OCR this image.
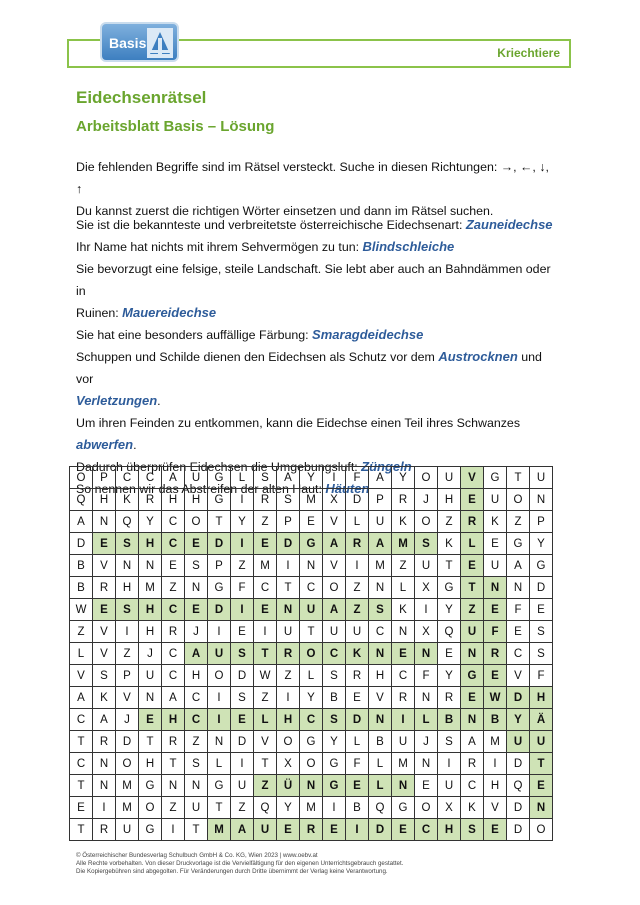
Basis
Kriechtiere
Eidechsenrätsel
Arbeitsblatt Basis – Lösung
Die fehlenden Begriffe sind im Rätsel versteckt. Suche in diesen Richtungen: →, ←, ↓, ↑
Du kannst zuerst die richtigen Wörter einsetzen und dann im Rätsel suchen.
Sie ist die bekannteste und verbreitetste österreichische Eidechsenart: Zauneidechse
Ihr Name hat nichts mit ihrem Sehvermögen zu tun: Blindschleiche
Sie bevorzugt eine felsige, steile Landschaft. Sie lebt aber auch an Bahndämmen oder in
Ruinen: Mauereidechse
Sie hat eine besonders auffällige Färbung: Smaragdeidechse
Schuppen und Schilde dienen den Eidechsen als Schutz vor dem Austrocknen und vor
Verletzungen.
Um ihren Feinden zu entkommen, kann die Eidechse einen Teil ihres Schwanzes
abwerfen.
Dadurch überprüfen Eidechsen die Umgebungsluft: Züngeln
So nennen wir das Abstreifen der alten Haut: Häuten
O	P	C	C	A	U	G	L	S	A	Y	I	F	A	Y	O	U	V	G	T	U
Q	H	K	R	H	H	G	I	R	S	M	X	D	P	R	J	H	E	U	O	N
A	N	Q	Y	C	O	T	Y	Z	P	E	V	L	U	K	O	Z	R	K	Z	P
D	E	S	H	C	E	D	I	E	D	G	A	R	A	M	S	K	L	E	G	Y
B	V	N	N	E	S	P	Z	M	I	N	V	I	M	Z	U	T	E	U	A	G
B	R	H	M	Z	N	G	F	C	T	C	O	Z	N	L	X	G	T	N	N	D
W	E	S	H	C	E	D	I	E	N	U	A	Z	S	K	I	Y	Z	E	F	E
Z	V	I	H	R	J	I	E	I	U	T	U	U	C	N	X	Q	U	F	E	S
L	V	Z	J	C	A	U	S	T	R	O	C	K	N	E	N	E	N	R	C	S
V	S	P	U	C	H	O	D	W	Z	L	S	R	H	C	F	Y	G	E	V	F
A	K	V	N	A	C	I	S	Z	I	Y	B	E	V	R	N	R	E	W	D	H
C	A	J	E	H	C	I	E	L	H	C	S	D	N	I	L	B	N	B	Y	Ä
T	R	D	T	R	Z	N	D	V	O	G	Y	L	B	U	J	S	A	M	U	U
C	N	O	H	T	S	L	I	T	X	O	G	F	L	M	N	I	R	I	D	T
T	N	M	G	N	N	G	U	Z	Ü	N	G	E	L	N	E	U	C	H	Q	E
E	I	M	O	Z	U	T	Z	Q	Y	M	I	B	Q	G	O	X	K	V	D	N
T	R	U	G	I	T	M	A	U	E	R	E	I	D	E	C	H	S	E	D	O
© Österreichischer Bundesverlag Schulbuch GmbH & Co. KG, Wien 2023 | www.oebv.at
Alle Rechte vorbehalten. Von dieser Druckvorlage ist die Vervielfältigung für den eigenen Unterrichtsgebrauch gestattet.
Die Kopiergebühren sind abgegolten. Für Veränderungen durch Dritte übernimmt der Verlag keine Verantwortung.
